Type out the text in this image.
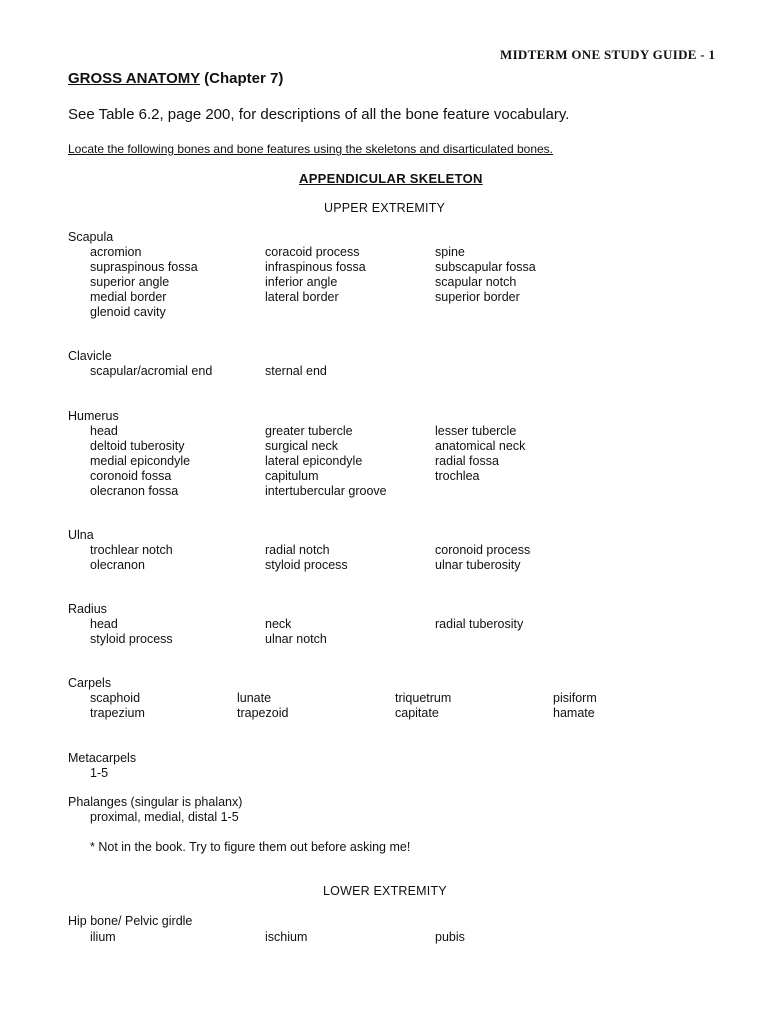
MIDTERM ONE STUDY GUIDE - 1
GROSS ANATOMY (Chapter 7)
See Table 6.2, page 200, for descriptions of all the bone feature vocabulary.
Locate the following bones and bone features using the skeletons and disarticulated bones.
APPENDICULAR SKELETON
UPPER EXTREMITY
Scapula
acromion	coracoid process	spine
supraspinous fossa	infraspinous fossa	subscapular fossa
superior angle	inferior angle	scapular notch
medial border	lateral border	superior border
glenoid cavity
Clavicle
scapular/acromial end	sternal end
Humerus
head	greater tubercle	lesser tubercle
deltoid tuberosity	surgical neck	anatomical neck
medial epicondyle	lateral epicondyle	radial fossa
coronoid fossa	capitulum	trochlea
olecranon fossa	intertubercular groove
Ulna
trochlear notch	radial notch	coronoid process
olecranon	styloid process	ulnar tuberosity
Radius
head	neck	radial tuberosity
styloid process	ulnar notch
Carpels
scaphoid	lunate	triquetrum	pisiform
trapezium	trapezoid	capitate	hamate
Metacarpels
1-5
Phalanges (singular is phalanx)
proximal, medial, distal 1-5
* Not in the book. Try to figure them out before asking me!
LOWER EXTREMITY
Hip bone/ Pelvic girdle
ilium	ischium	pubis
